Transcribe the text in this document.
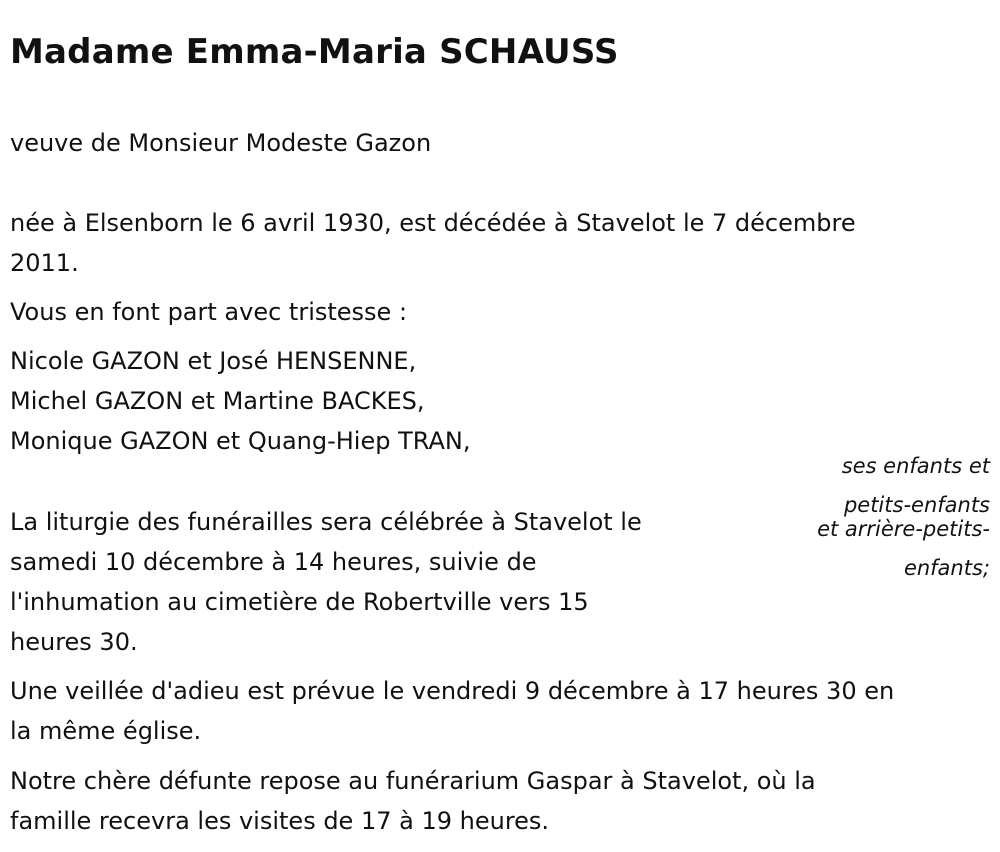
Madame Emma-Maria SCHAUSS

veuve de Monsieur Modeste Gazon

née à Elsenborn le 6 avril 1930, est décédée à Stavelot le 7 décembre

2011.

Vous en font part avec tristesse :

Nicole GAZON et José HENSENNE,

Michel GAZON et Martine BACKES,

Monique GAZON et Quang-Hiep TRAN,

ses enfants et

petits-enfants

et arrière-petits-

enfants;

La liturgie des funérailles sera célébrée à Stavelot le

samedi 10 décembre à 14 heures, suivie de

l'inhumation au cimetière de Robertville vers 15

heures 30.

Une veillée d'adieu est prévue le vendredi 9 décembre à 17 heures 30 en

la même église.

Notre chère défunte repose au funérarium Gaspar à Stavelot, où la

famille recevra les visites de 17 à 19 heures.
